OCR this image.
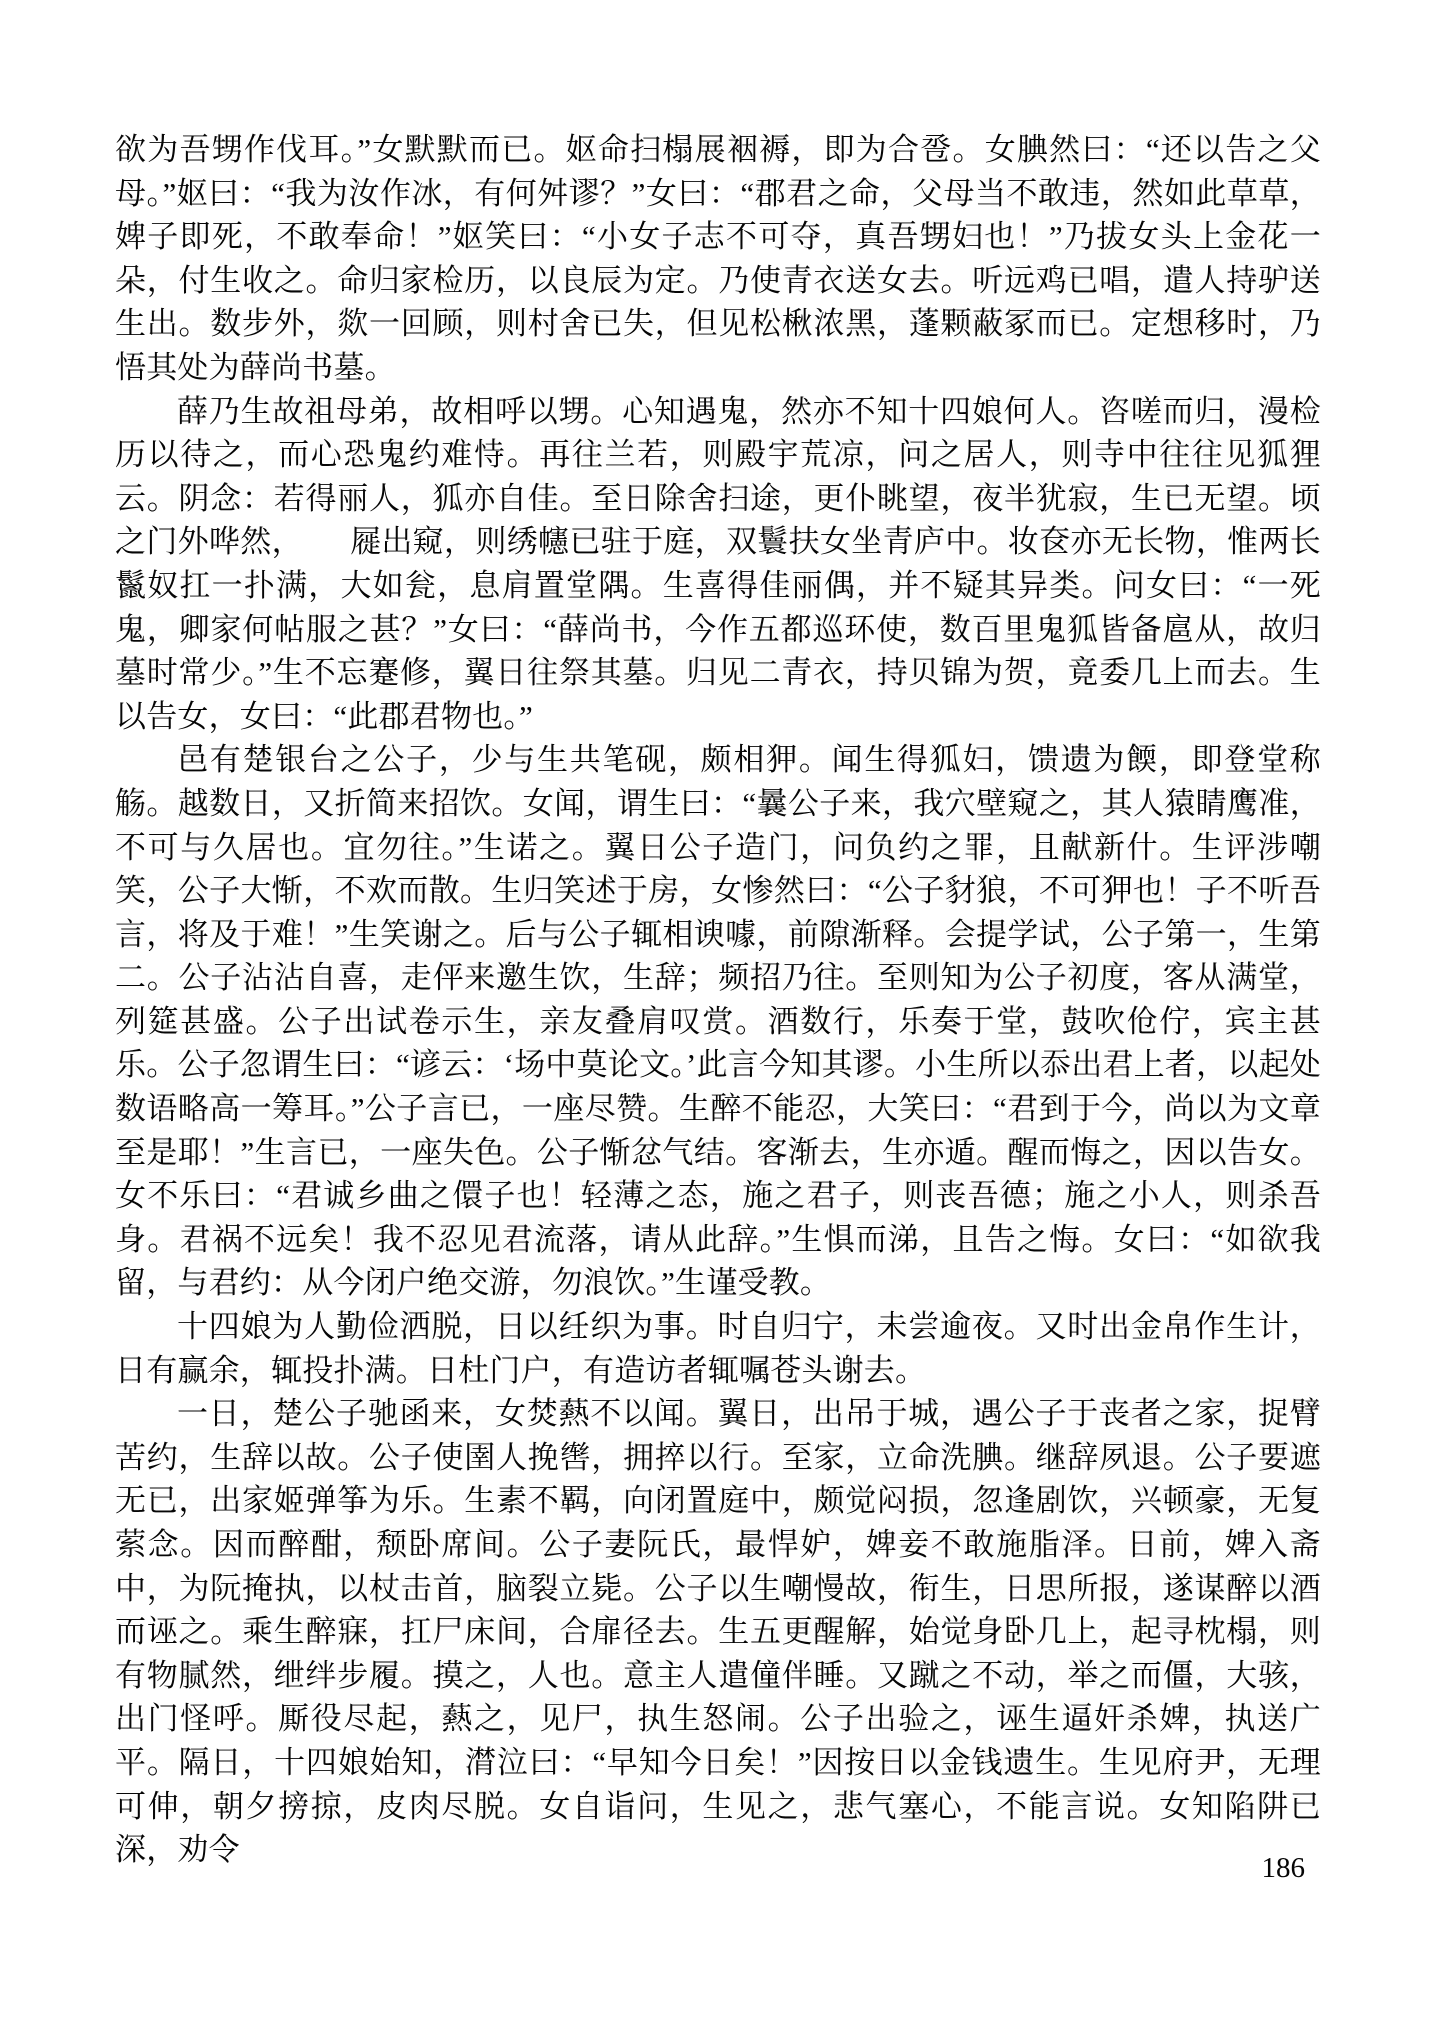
欲为吾甥作伐耳。”女默默而已。妪命扫榻展裀褥，即为合卺。女腆然曰：“还以告之父母。”妪曰：“我为汝作冰，有何舛谬？”女曰：“郡君之命，父母当不敢违，然如此草草，婢子即死，不敢奉命！”妪笑曰：“小女子志不可夺，真吾甥妇也！”乃拔女头上金花一朵，付生收之。命归家检历，以良辰为定。乃使青衣送女去。听远鸡已唱，遣人持驴送生出。数步外，欻一回顾，则村舍已失，但见松楸浓黑，蓬颗蔽冢而已。定想移时，乃悟其处为薛尚书墓。

薛乃生故祖母弟，故相呼以甥。心知遇鬼，然亦不知十四娘何人。咨嗟而归，漫检历以待之，而心恐鬼约难恃。再往兰若，则殿宇荒凉，问之居人，则寺中往往见狐狸云。阴念：若得丽人，狐亦自佳。至日除舍扫途，更仆眺望，夜半犹寂，生已无望。顷之门外哗然，　　屣出窥，则绣幰已驻于庭，双鬟扶女坐青庐中。妆奁亦无长物，惟两长鬣奴扛一扑满，大如瓮，息肩置堂隅。生喜得佳丽偶，并不疑其异类。问女曰：“一死鬼，卿家何帖服之甚？”女曰：“薛尚书，今作五都巡环使，数百里鬼狐皆备扈从，故归墓时常少。”生不忘蹇修，翼日往祭其墓。归见二青衣，持贝锦为贺，竟委几上而去。生以告女，女曰：“此郡君物也。”

邑有楚银台之公子，少与生共笔砚，颇相狎。闻生得狐妇，馈遗为餪，即登堂称觞。越数日，又折简来招饮。女闻，谓生曰：“曩公子来，我穴壁窥之，其人猿睛鹰准，不可与久居也。宜勿往。”生诺之。翼日公子造门，问负约之罪，且献新什。生评涉嘲笑，公子大惭，不欢而散。生归笑述于房，女惨然曰：“公子豺狼，不可狎也！子不听吾言，将及于难！”生笑谢之。后与公子辄相谀噱，前隙渐释。会提学试，公子第一，生第二。公子沾沾自喜，走伻来邀生饮，生辞；频招乃往。至则知为公子初度，客从满堂，列筵甚盛。公子出试卷示生，亲友叠肩叹赏。酒数行，乐奏于堂，鼓吹伧佇，宾主甚乐。公子忽谓生曰：“谚云：‘场中莫论文。’此言今知其谬。小生所以忝出君上者，以起处数语略高一筹耳。”公子言已，一座尽赞。生醉不能忍，大笑曰：“君到于今，尚以为文章至是耶！”生言已，一座失色。公子惭忿气结。客渐去，生亦遁。醒而悔之，因以告女。女不乐曰：“君诚乡曲之儇子也！轻薄之态，施之君子，则丧吾德；施之小人，则杀吾身。君祸不远矣！我不忍见君流落，请从此辞。”生惧而涕，且告之悔。女曰：“如欲我留，与君约：从今闭户绝交游，勿浪饮。”生谨受教。

十四娘为人勤俭洒脱，日以纴织为事。时自归宁，未尝逾夜。又时出金帛作生计，日有赢余，辄投扑满。日杜门户，有造访者辄嘱苍头谢去。

一日，楚公子驰函来，女焚爇不以闻。翼日，出吊于城，遇公子于丧者之家，捉臂苦约，生辞以故。公子使圉人挽辔，拥捽以行。至家，立命洗腆。继辞夙退。公子要遮无已，出家姬弹筝为乐。生素不羁，向闭置庭中，颇觉闷损，忽逢剧饮，兴顿豪，无复萦念。因而醉酣，颓卧席间。公子妻阮氏，最悍妒，婢妾不敢施脂泽。日前，婢入斋中，为阮掩执，以杖击首，脑裂立毙。公子以生嘲慢故，衔生，日思所报，遂谋醉以酒而诬之。乘生醉寐，扛尸床间，合扉径去。生五更醒解，始觉身卧几上，起寻枕榻，则有物腻然，绁绊步履。摸之，人也。意主人遣僮伴睡。又蹴之不动，举之而僵，大骇，出门怪呼。厮役尽起，爇之，见尸，执生怒闹。公子出验之，诬生逼奸杀婢，执送广平。隔日，十四娘始知，潸泣曰：“早知今日矣！”因按日以金钱遗生。生见府尹，无理可伸，朝夕搒掠，皮肉尽脱。女自诣问，生见之，悲气塞心，不能言说。女知陷阱已深，劝令

186
